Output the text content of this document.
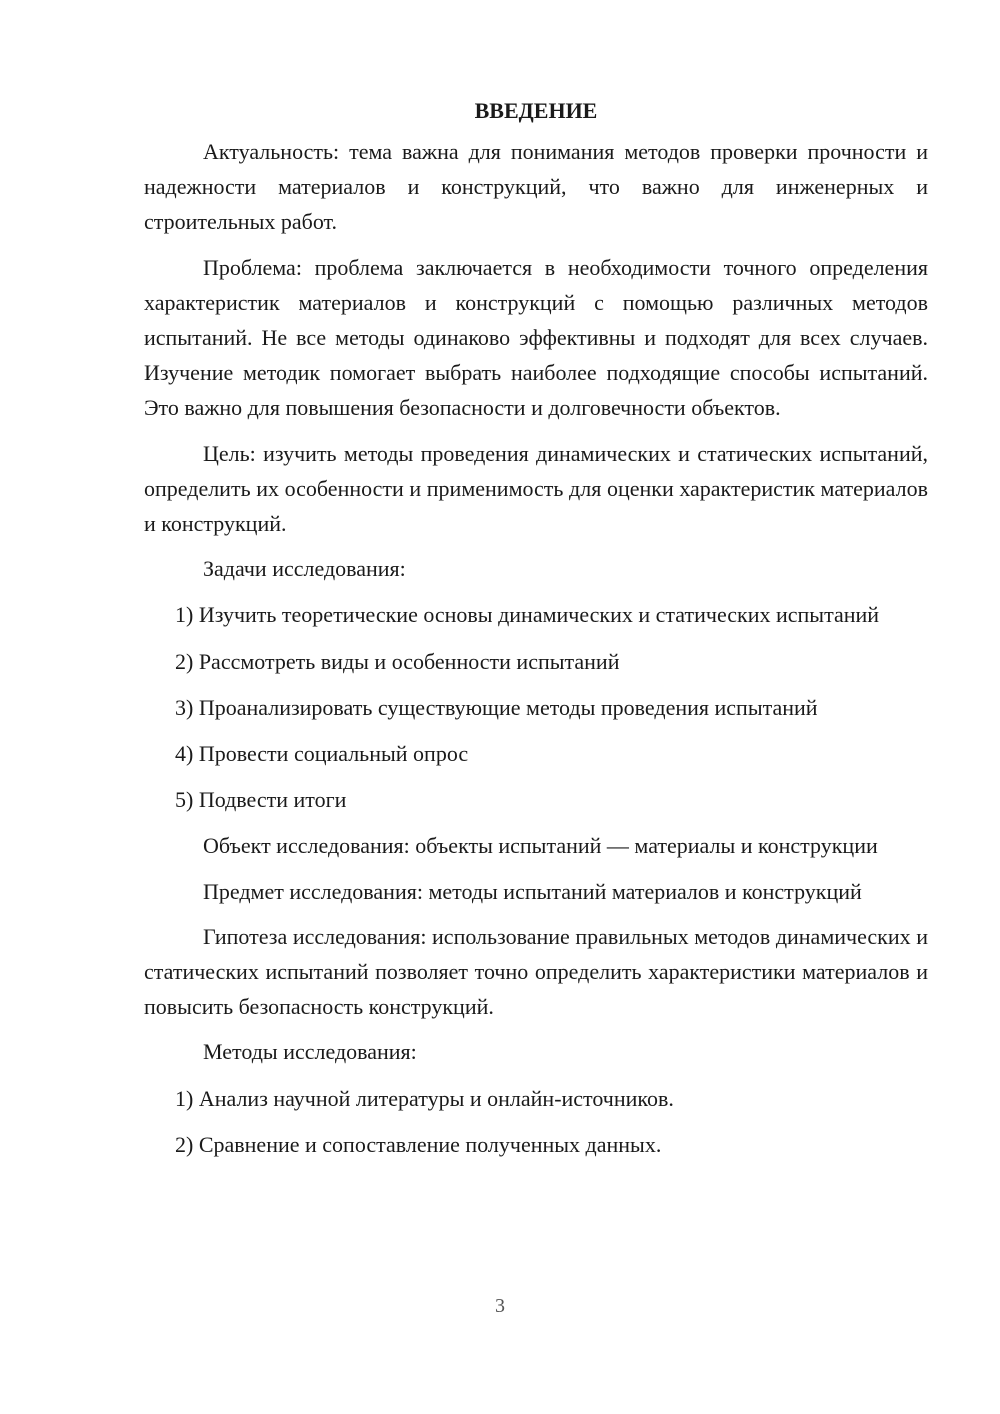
ВВЕДЕНИЕ

Актуальность: тема важна для понимания методов проверки прочности и надежности материалов и конструкций, что важно для инженерных и строительных работ.

Проблема: проблема заключается в необходимости точного определения характеристик материалов и конструкций с помощью различных методов испытаний. Не все методы одинаково эффективны и подходят для всех случаев. Изучение методик помогает выбрать наиболее подходящие способы испытаний. Это важно для повышения безопасности и долговечности объектов.

Цель: изучить методы проведения динамических и статических испытаний, определить их особенности и применимость для оценки характеристик материалов и конструкций.

Задачи исследования:

1) Изучить теоретические основы динамических и статических испытаний

2) Рассмотреть виды и особенности испытаний

3) Проанализировать существующие методы проведения испытаний

4) Провести социальный опрос

5) Подвести итоги

Объект исследования: объекты испытаний — материалы и конструкции

Предмет исследования: методы испытаний материалов и конструкций

Гипотеза исследования: использование правильных методов динамических и статических испытаний позволяет точно определить характеристики материалов и повысить безопасность конструкций.

Методы исследования:

1) Анализ научной литературы и онлайн-источников.

2) Сравнение и сопоставление полученных данных.

3
